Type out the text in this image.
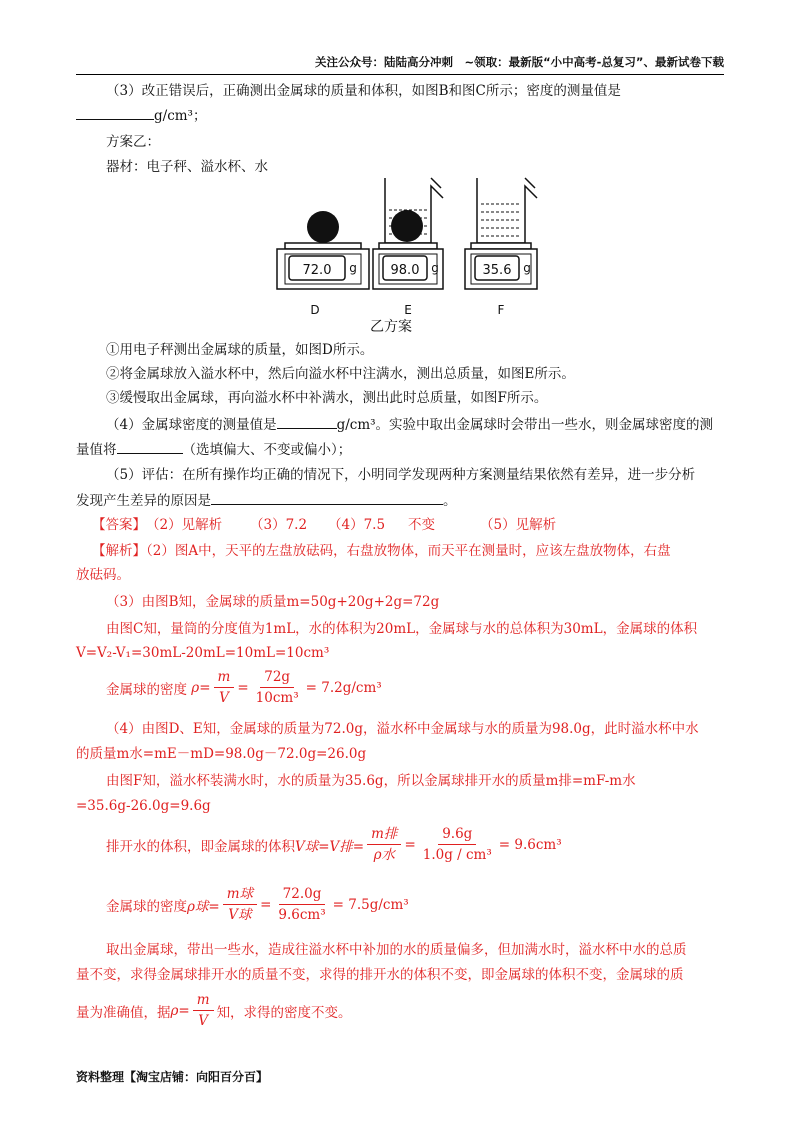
关注公众号：陆陆高分冲刺　~领取：最新版“小中高考-总复习”、最新试卷下载
（3）改正错误后，正确测出金属球的质量和体积，如图B和图C所示；密度的测量值是
g/cm³；
方案乙：
器材：电子秤、溢水杯、水
72.0 g
D
98.0 g
E
35.6 g
F
乙方案
①用电子秤测出金属球的质量，如图D所示。
②将金属球放入溢水杯中，然后向溢水杯中注满水，测出总质量，如图E所示。
③缓慢取出金属球，再向溢水杯中补满水，测出此时总质量，如图F所示。
（4）金属球密度的测量值是	g/cm³。实验中取出金属球时会带出一些水，则金属球密度的测
量值将	（选填偏大、不变或偏小）；
（5）评估：在所有操作均正确的情况下，小明同学发现两种方案测量结果依然有差异，进一步分析
发现产生差异的原因是	。
【答案】（2）见解析 （3）7.2 （4）7.5 不变	（5）见解析
【解析】（2）图A中，天平的左盘放砝码，右盘放物体，而天平在测量时，应该左盘放物体，右盘
放砝码。
（3）由图B知，金属球的质量m=50g+20g+2g=72g
由图C知，量筒的分度值为1mL，水的体积为20mL，金属球与水的总体积为30mL，金属球的体积
V=V₂-V₁=30mL-20mL=10mL=10cm³
金属球的密度 $\rho= \frac{m}{V} = \frac{72g}{\text{10cm³}} = 7.2g/cm^3$
（4）由图D、E知，金属球的质量为72.0g，溢水杯中金属球与水的质量为98.0g，此时溢水杯中水
的质量m水=mE－mD=98.0g－72.0g=26.0g
由图F知，溢水杯装满水时，水的质量为35.6g，所以金属球排开水的质量m排=mF-m水
=35.6g-26.0g=9.6g
排开水的体积，即金属球的体积 V球=V排= $\frac{\text{m排}}{\text{ρ水}} = \frac{9.6g}{\text{1.0g / cm³}} = 9.6cm^3$
金属球的密度 ρ球= $\frac{\text{m球}}{\text{V球}} = \frac{72.0g}{\text{9.6cm³}} = 7.5g/cm^3$
取出金属球，带出一些水，造成往溢水杯中补加的水的质量偏多，但加满水时，溢水杯中水的总质
量不变，求得金属球排开水的质量不变，求得的排开水的体积不变，即金属球的体积不变，金属球的质
量为准确值，据 $\rho= \frac{m}{V}$ 知，求得的密度不变。
资料整理【淘宝店铺：向阳百分百】
